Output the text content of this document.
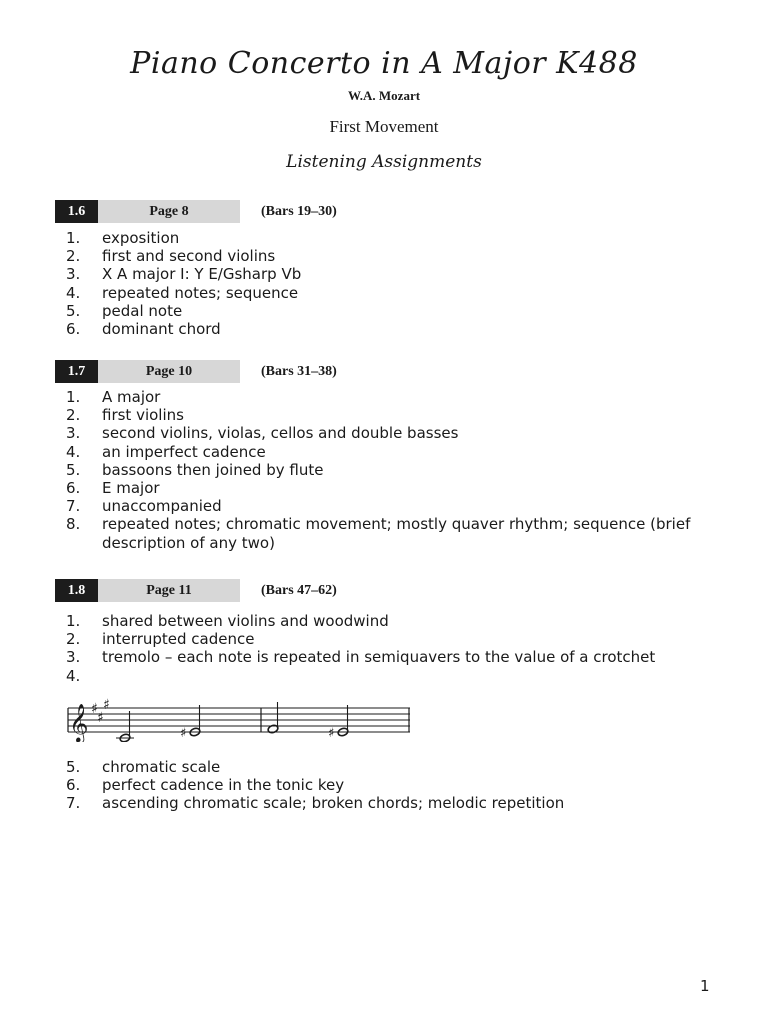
Piano Concerto in A Major K488
W.A. Mozart
First Movement
Listening Assignments
1.6	Page 8	(Bars 19–30)
1.	exposition
2.	first and second violins
3.	X A major I: Y E/Gsharp Vb
4.	repeated notes; sequence
5.	pedal note
6.	dominant chord
1.7	Page 10	(Bars 31–38)
1.	A major
2.	first violins
3.	second violins, violas, cellos and double basses
4.	an imperfect cadence
5.	bassoons then joined by flute
6.	E major
7.	unaccompanied
8.	repeated notes; chromatic movement; mostly quaver rhythm; sequence (brief description of any two)
1.8	Page 11	(Bars 47–62)
1.	shared between violins and woodwind
2.	interrupted cadence
3.	tremolo – each note is repeated in semiquavers to the value of a crotchet
4.
𝄞 ♯
♯
♯
♯	♯
5.	chromatic scale
6.	perfect cadence in the tonic key
7.	ascending chromatic scale; broken chords; melodic repetition
1
